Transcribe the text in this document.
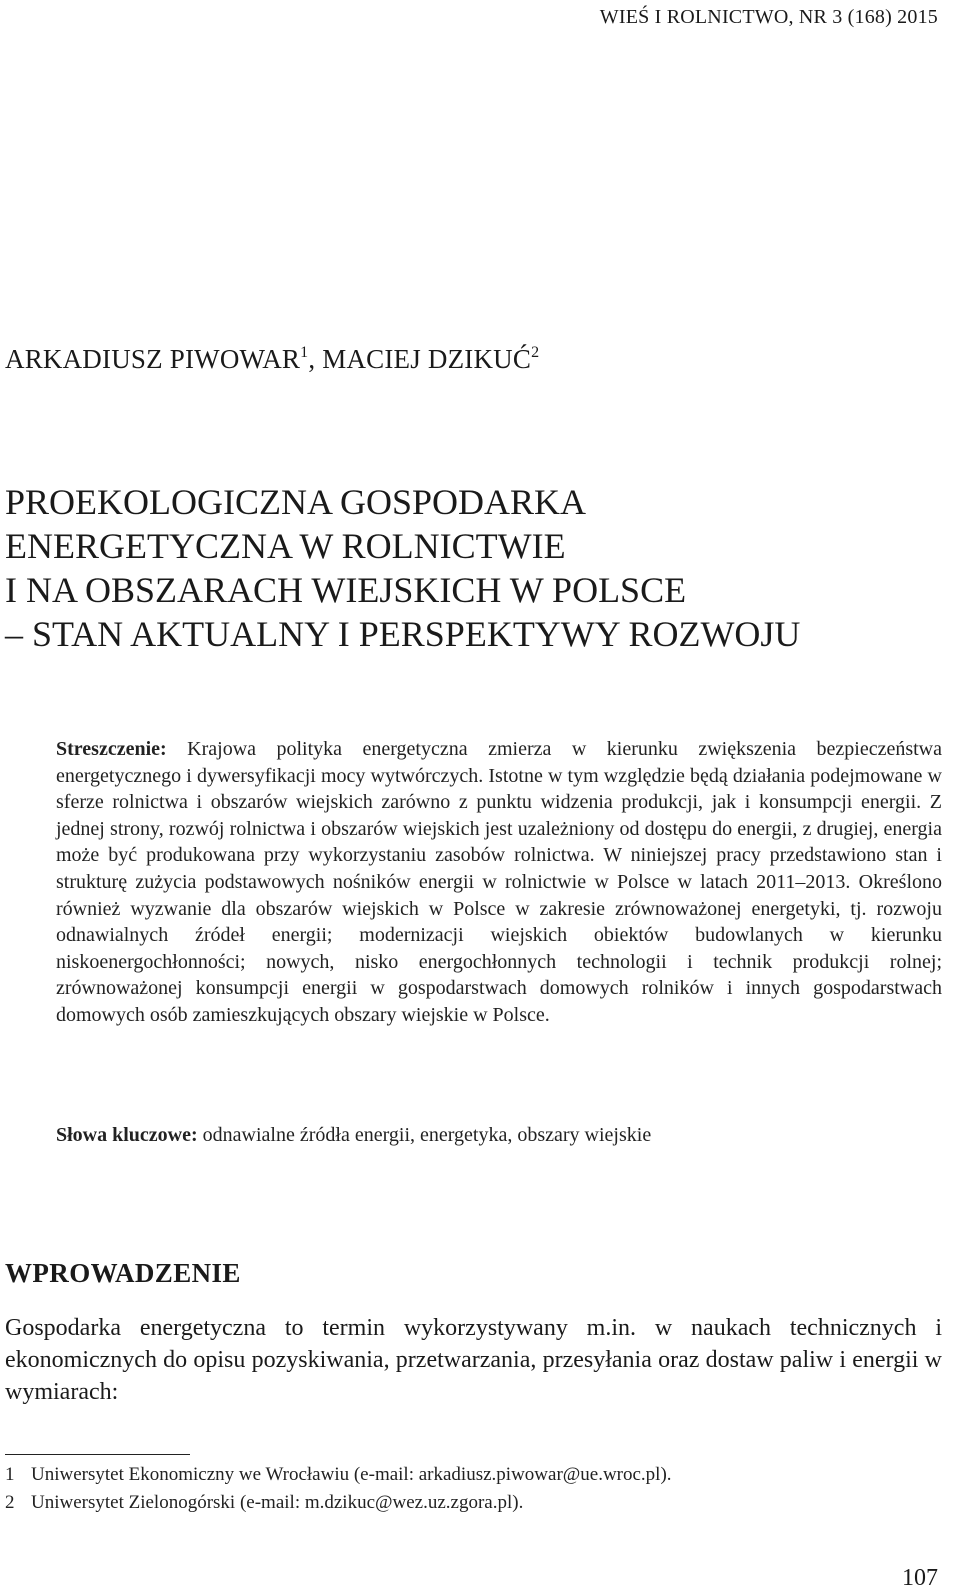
WIEŚ I ROLNICTWO, NR 3 (168) 2015
ARKADIUSZ PIWOWAR$^1$, MACIEJ DZIKUĆ$^2$
PROEKOLOGICZNA GOSPODARKA
ENERGETYCZNA W ROLNICTWIE
I NA OBSZARACH WIEJSKICH W POLSCE
– STAN AKTUALNY I PERSPEKTYWY ROZWOJU

Streszczenie: Krajowa polityka energetyczna zmierza w kierunku zwiększenia bezpieczeństwa energetycznego i dywersyfikacji mocy wytwórczych. Istotne w tym względzie będą działania podejmowane w sferze rolnictwa i obszarów wiejskich zarówno z punktu widzenia produkcji, jak i konsumpcji energii. Z jednej strony, rozwój rolnictwa i obszarów wiejskich jest uzależniony od dostępu do energii, z drugiej, energia może być produkowana przy wykorzystaniu zasobów rolnictwa. W niniejszej pracy przedstawiono stan i strukturę zużycia podstawowych nośników energii w rolnictwie w Polsce w latach 2011–2013. Określono również wyzwanie dla obszarów wiejskich w Polsce w zakresie zrównoważonej energetyki, tj. rozwoju odnawialnych źródeł energii; modernizacji wiejskich obiektów budowlanych w kierunku niskoenergochłonności; nowych, nisko energochłonnych technologii i technik produkcji rolnej; zrównoważonej konsumpcji energii w gospodarstwach domowych rolników i innych gospodarstwach domowych osób zamieszkujących obszary wiejskie w Polsce.

Słowa kluczowe: odnawialne źródła energii, energetyka, obszary wiejskie

WPROWADZENIE

Gospodarka energetyczna to termin wykorzystywany m.in. w naukach technicznych i ekonomicznych do opisu pozyskiwania, przetwarzania, przesyłania oraz dostaw paliw i energii w wymiarach:

1 Uniwersytet Ekonomiczny we Wrocławiu (e-mail: arkadiusz.piwowar@ue.wroc.pl).
2 Uniwersytet Zielonogórski (e-mail: m.dzikuc@wez.uz.zgora.pl).
107
